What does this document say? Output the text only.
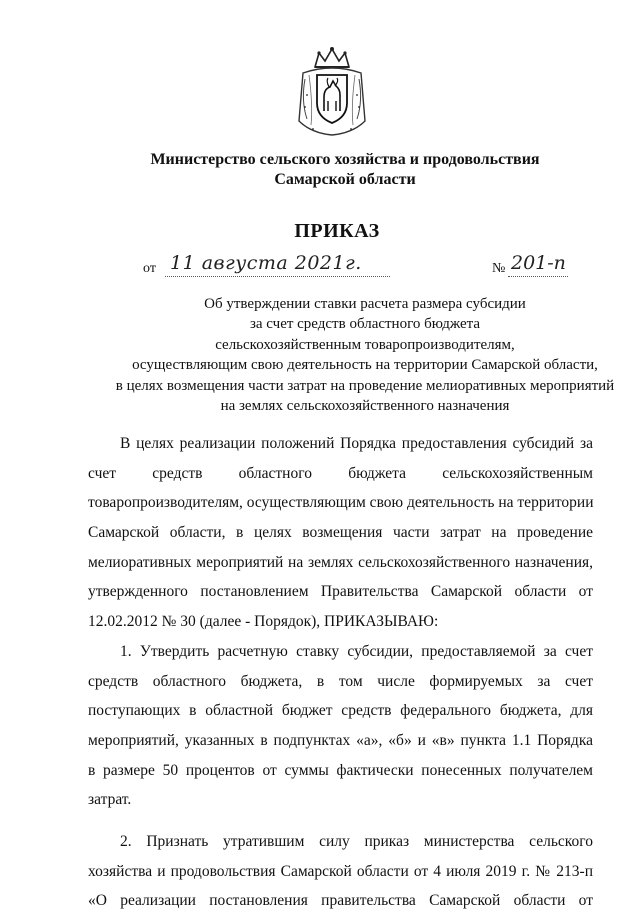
Министерство сельского хозяйства и продовольствия
Самарской области
ПРИКАЗ
от 11 августа 2021г.	№ 201-п
Об утверждении ставки расчета размера субсидии
за счет средств областного бюджета
сельскохозяйственным товаропроизводителям,
осуществляющим свою деятельность на территории Самарской области,
в целях возмещения части затрат на проведение мелиоративных мероприятий
на землях сельскохозяйственного назначения
В целях реализации положений Порядка предоставления субсидий за
счет средств областного бюджета сельскохозяйственным
товаропроизводителям, осуществляющим свою деятельность на территории
Самарской области, в целях возмещения части затрат на проведение
мелиоративных мероприятий на землях сельскохозяйственного назначения,
утвержденного постановлением Правительства Самарской области от
12.02.2012 № 30 (далее - Порядок), ПРИКАЗЫВАЮ:
1. Утвердить расчетную ставку субсидии, предоставляемой за счет
средств областного бюджета, в том числе формируемых за счет
поступающих в областной бюджет средств федерального бюджета, для
мероприятий, указанных в подпунктах «а», «б» и «в» пункта 1.1 Порядка
в размере 50 процентов от суммы фактически понесенных получателем
затрат.
2. Признать утратившим силу приказ министерства сельского
хозяйства и продовольствия Самарской области от 4 июля 2019 г. № 213-п
«О реализации постановления правительства Самарской области от
